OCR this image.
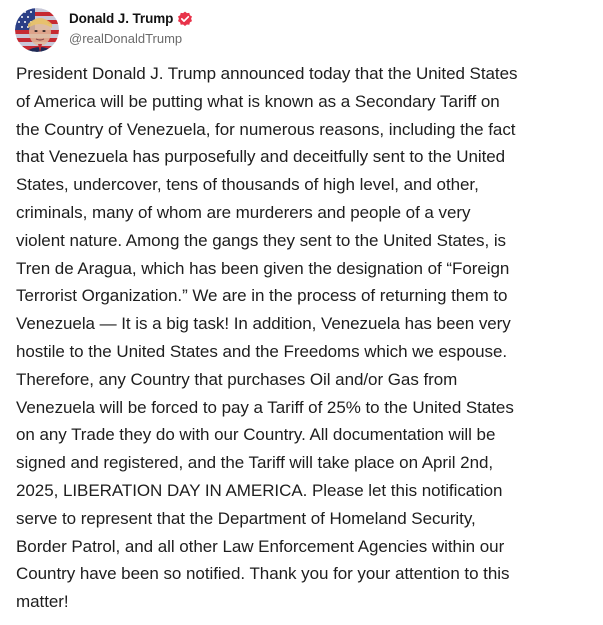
Donald J. Trump
@realDonaldTrump

President Donald J. Trump announced today that the United States
of America will be putting what is known as a Secondary Tariff on
the Country of Venezuela, for numerous reasons, including the fact
that Venezuela has purposefully and deceitfully sent to the United
States, undercover, tens of thousands of high level, and other,
criminals, many of whom are murderers and people of a very
violent nature. Among the gangs they sent to the United States, is
Tren de Aragua, which has been given the designation of “Foreign
Terrorist Organization.” We are in the process of returning them to
Venezuela — It is a big task! In addition, Venezuela has been very
hostile to the United States and the Freedoms which we espouse.
Therefore, any Country that purchases Oil and/or Gas from
Venezuela will be forced to pay a Tariff of 25% to the United States
on any Trade they do with our Country. All documentation will be
signed and registered, and the Tariff will take place on April 2nd,
2025, LIBERATION DAY IN AMERICA. Please let this notification
serve to represent that the Department of Homeland Security,
Border Patrol, and all other Law Enforcement Agencies within our
Country have been so notified. Thank you for your attention to this
matter!
